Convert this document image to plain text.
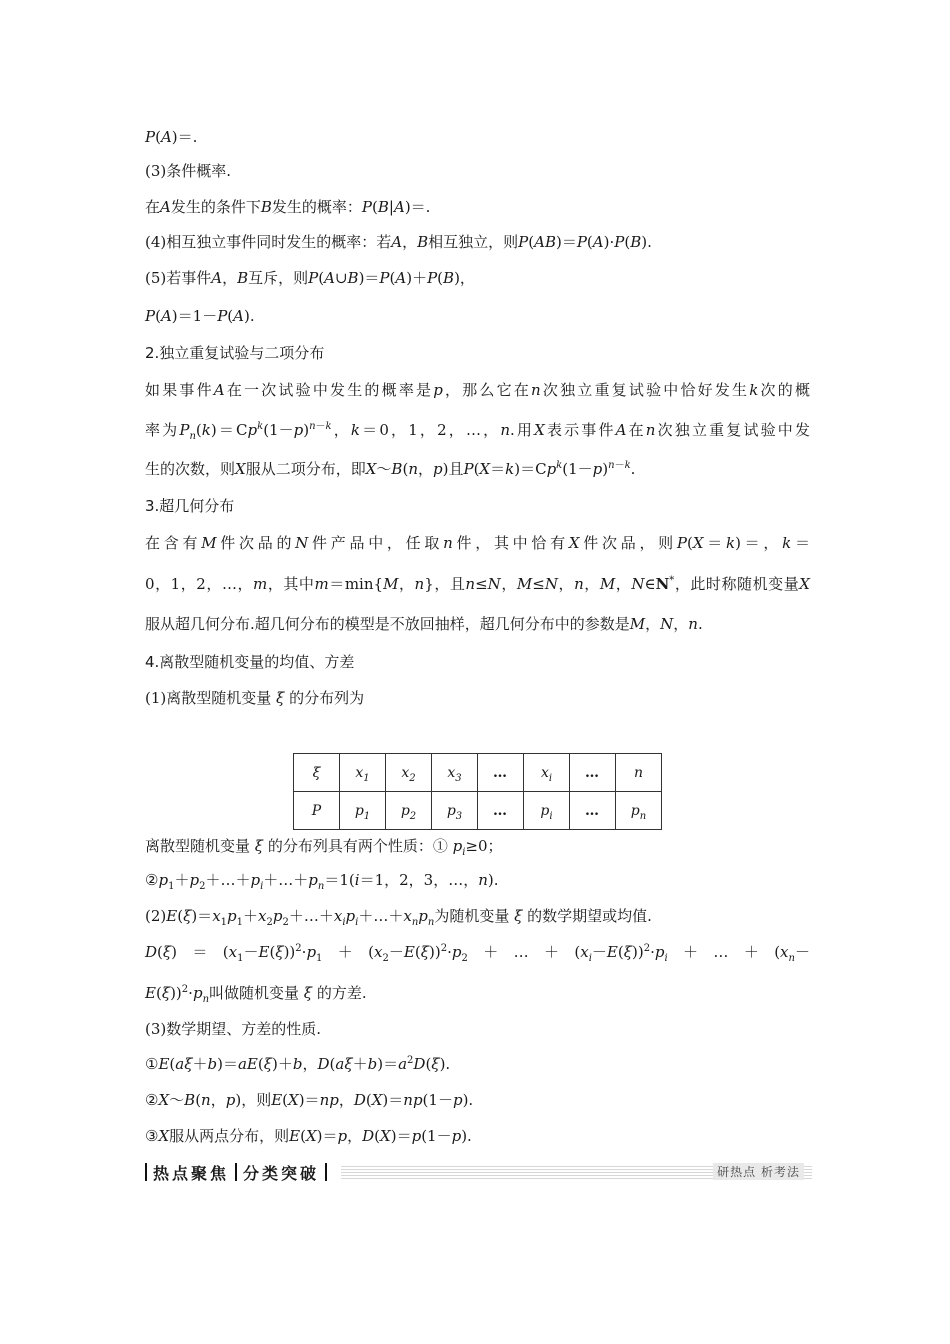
P(A)＝.
(3)条件概率.
在A发生的条件下B发生的概率：P(B|A)＝.
(4)相互独立事件同时发生的概率：若A，B相互独立，则P(AB)＝P(A)·P(B).
(5)若事件A，B互斥，则P(A∪B)＝P(A)＋P(B)，
P(A)＝1－P(A).
2.独立重复试验与二项分布
如果事件A在一次试验中发生的概率是p，那么它在n次独立重复试验中恰好发生k次的概
率为$P_n(k)=Cp^k(1-p)^{n-k}$，k＝0，1，2，…，n.用X表示事件A在n次独立重复试验中发
生的次数，则X服从二项分布，即X～B(n，p)且$P(X=k)=Cp^k(1-p)^{n-k}$.
3.超几何分布
在含有M件次品的N件产品中，任取n件，其中恰有X件次品，则P(X＝k)＝，k＝
0，1，2，…，m，其中m＝min{M，n}，且n≤N，M≤N，n，M，N∈N*，此时称随机变量X
服从超几何分布.超几何分布的模型是不放回抽样，超几何分布中的参数是M，N，n.
4.离散型随机变量的均值、方差
(1)离散型随机变量 ξ 的分布列为
ξ	$x_1$	$x_2$	$x_3$	…	$x_i$	…	n
P	$p_1$	$p_2$	$p_3$	…	$p_i$	…	$p_n$
离散型随机变量 ξ 的分布列具有两个性质：① $p_i\ge 0$；
$②p_1+p_2+\dots+p_i+\dots+p_n=1(i=1$，2，3，…，n).
$(2)E(\xi)=x_1p_1+x_2p_2+\dots+x_ip_i+\dots+x_np_n$为随机变量 ξ 的数学期望或均值.
$D(\xi)=(x_1-E(\xi))^2\cdot p_1+(x_2-E(\xi))^2\cdot p_2+\dots+(x_i-E(\xi))^2\cdot p_i+\dots+(x_n-$
$E(\xi))^2\cdot p_n$叫做随机变量 ξ 的方差.
(3)数学期望、方差的性质.
①E(aξ＋b)＝aE(ξ)＋b，$D(a\xi+b)=a^2D(\xi)$.
②X～B(n，p)，则E(X)＝np，D(X)＝np(1－p).
③X服从两点分布，则E(X)＝p，D(X)＝p(1－p).
热点聚焦 分类突破	研热点 析考法
